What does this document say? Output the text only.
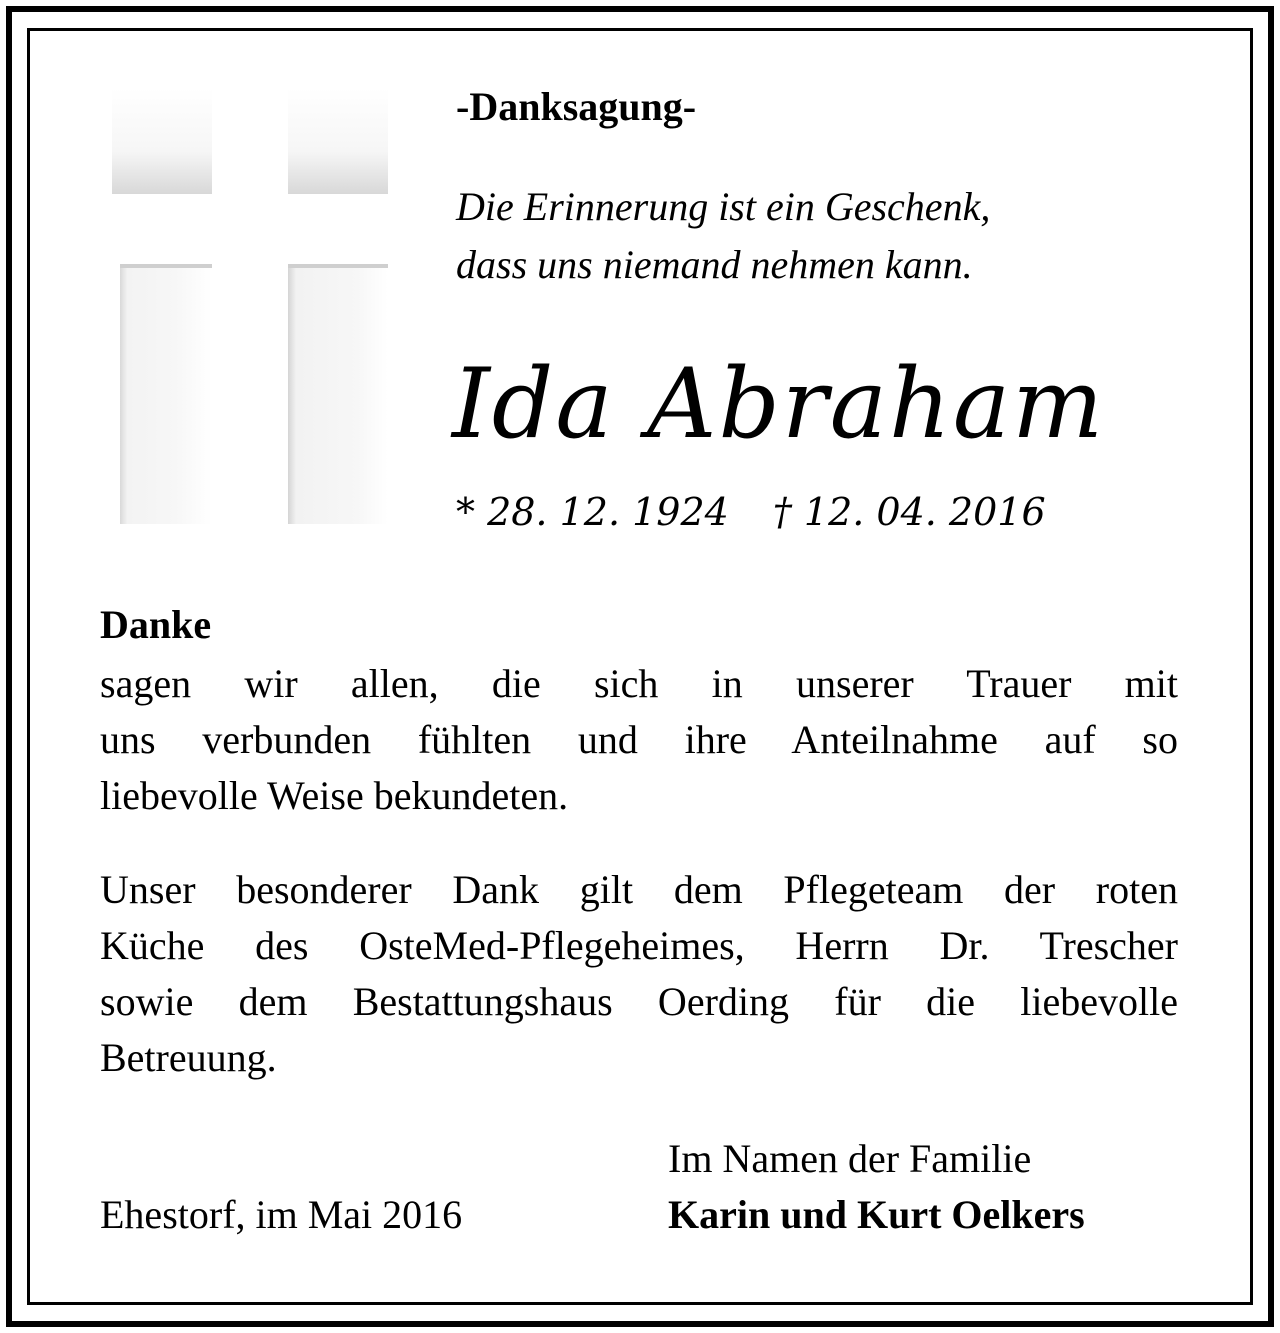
-Danksagung-
Die Erinnerung ist ein Geschenk,
dass uns niemand nehmen kann.
Ida Abraham
* 28. 12. 1924 † 12. 04. 2016
Danke
sagen wir allen, die sich in unserer Trauer mit
uns verbunden fühlten und ihre Anteilnahme auf so
liebevolle Weise bekundeten.
Unser besonderer Dank gilt dem Pflegeteam der roten
Küche des OsteMed-Pflegeheimes, Herrn Dr. Trescher
sowie dem Bestattungshaus Oerding für die liebevolle
Betreuung.
Ehestorf, im Mai 2016
Im Namen der Familie
Karin und Kurt Oelkers
